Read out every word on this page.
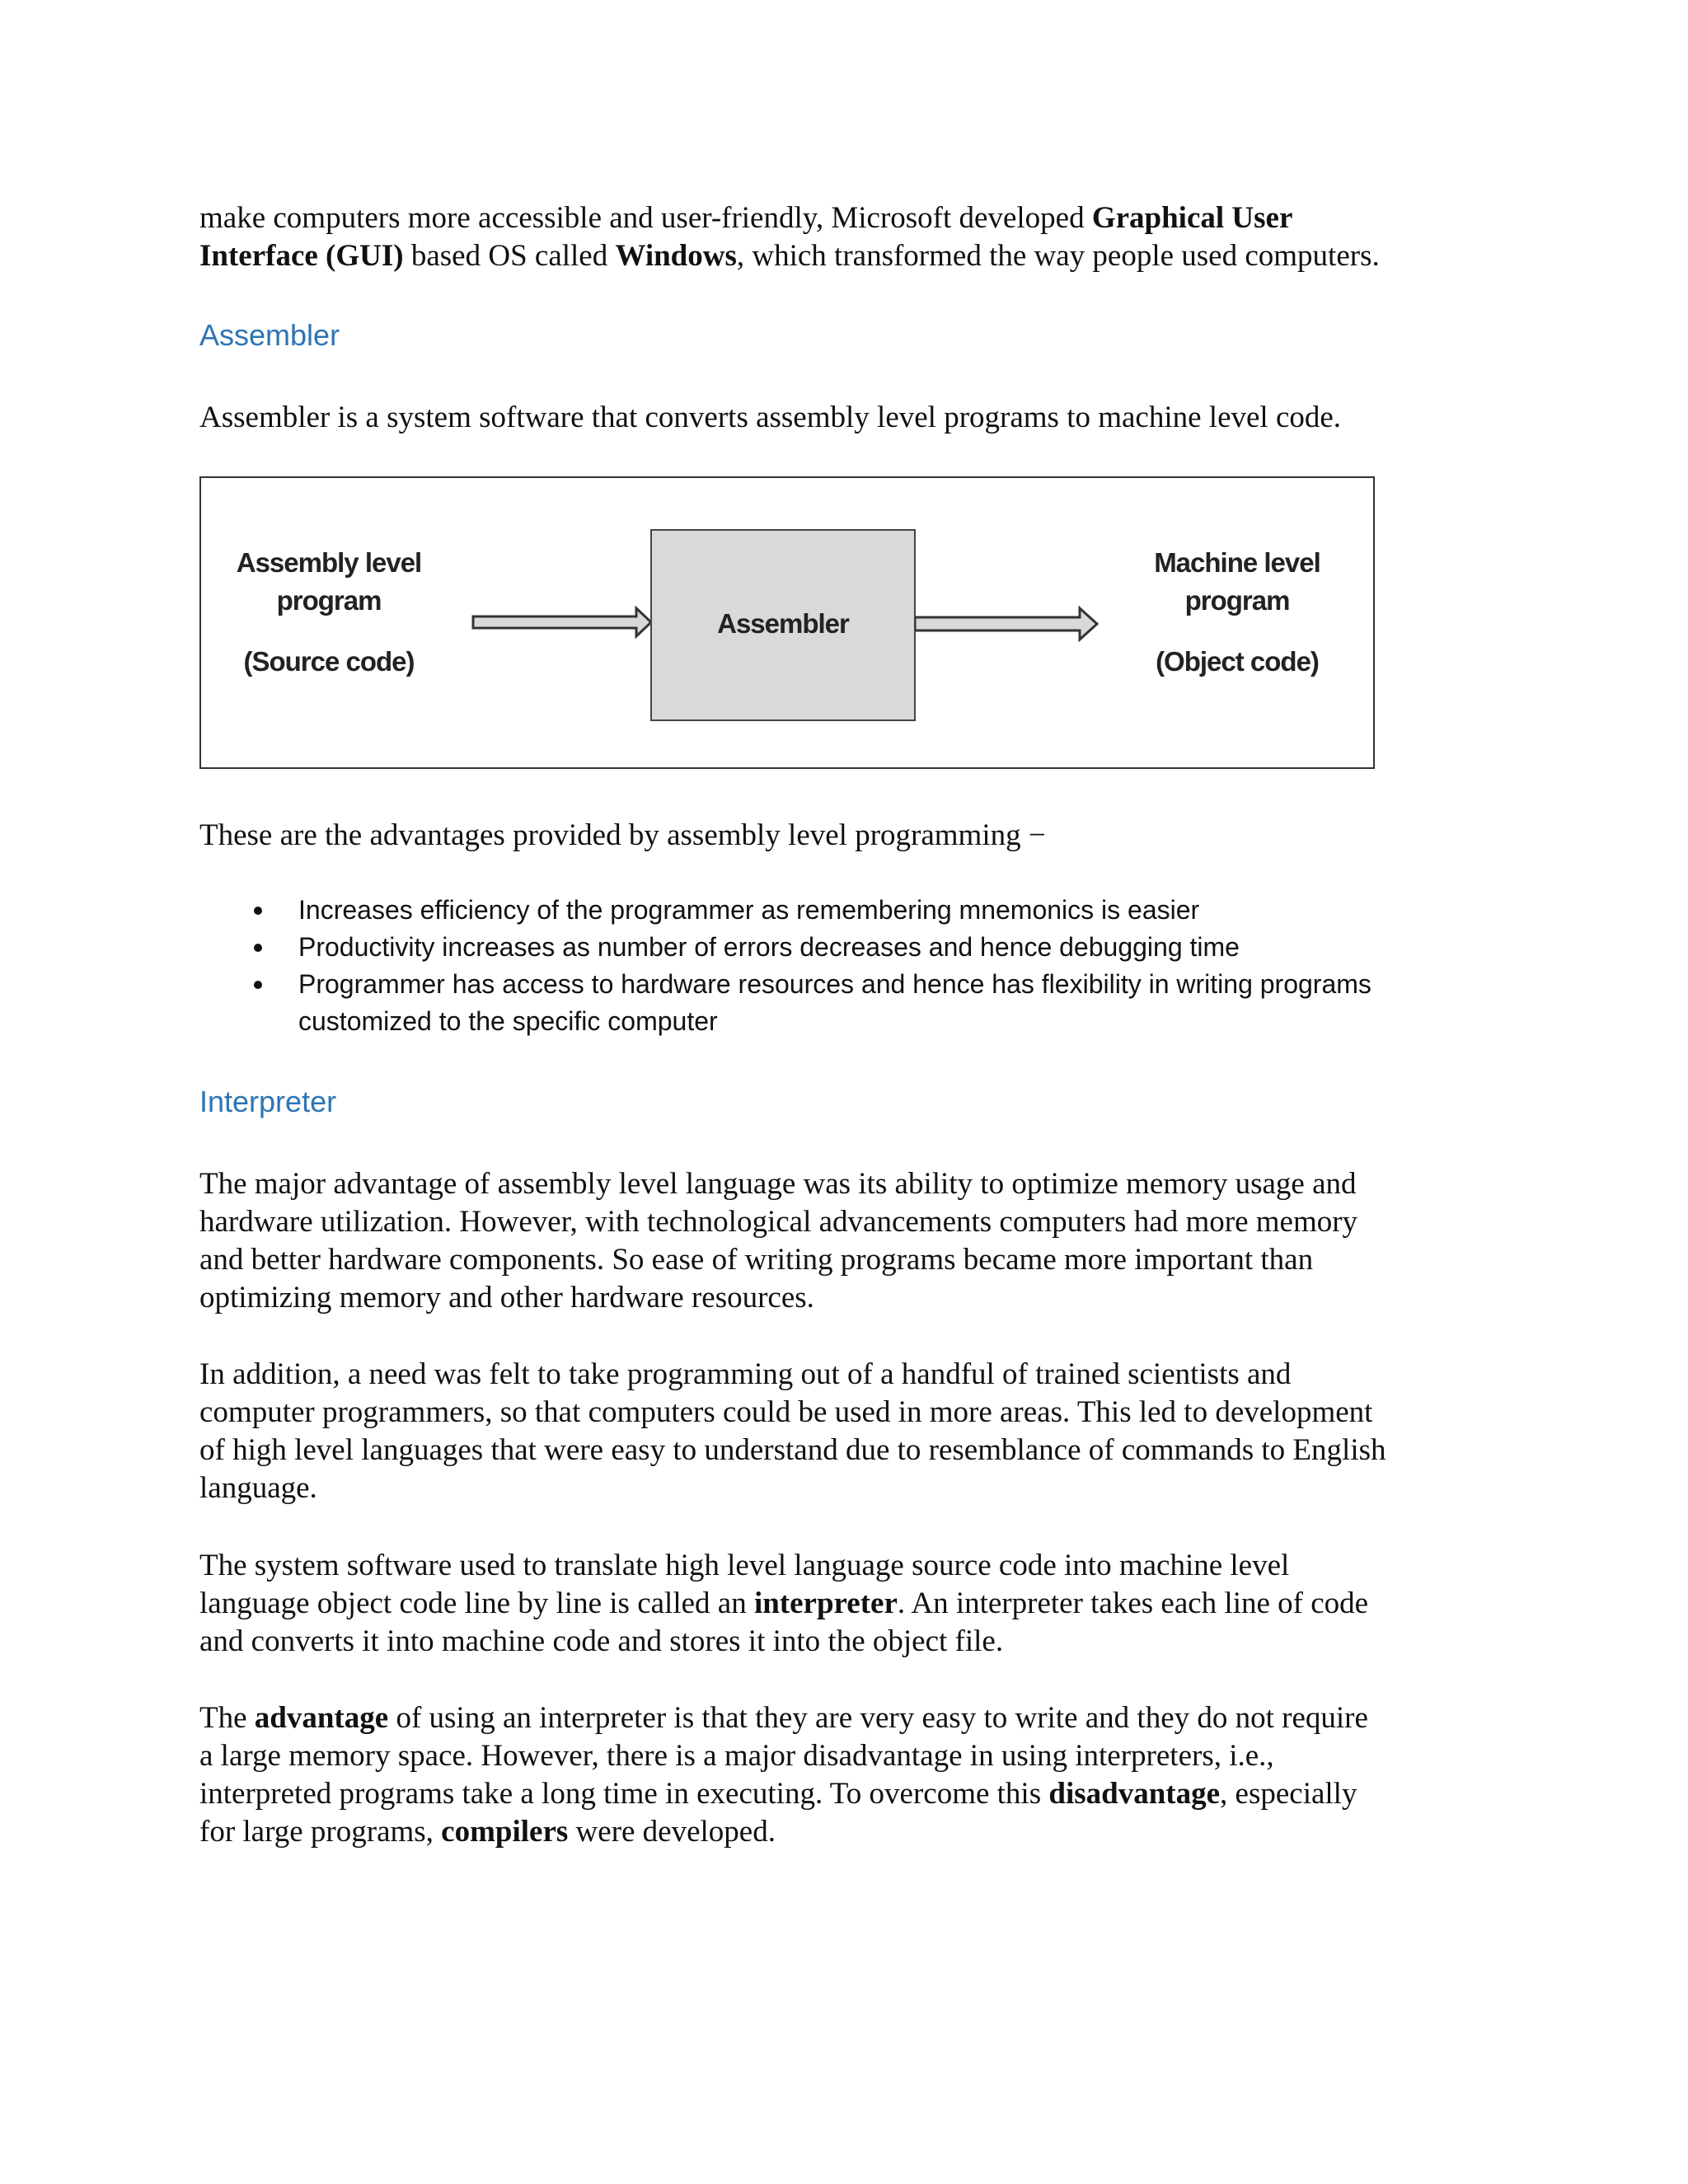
make computers more accessible and user-friendly, Microsoft developed Graphical User
Interface (GUI) based OS called Windows, which transformed the way people used computers.
Assembler
Assembler is a system software that converts assembly level programs to machine level code.
Assembly level
program
(Source code)
Assembler
Machine level
program
(Object code)
These are the advantages provided by assembly level programming −
Increases efficiency of the programmer as remembering mnemonics is easier
Productivity increases as number of errors decreases and hence debugging time
Programmer has access to hardware resources and hence has flexibility in writing programs
customized to the specific computer
Interpreter
The major advantage of assembly level language was its ability to optimize memory usage and
hardware utilization. However, with technological advancements computers had more memory
and better hardware components. So ease of writing programs became more important than
optimizing memory and other hardware resources.
In addition, a need was felt to take programming out of a handful of trained scientists and
computer programmers, so that computers could be used in more areas. This led to development
of high level languages that were easy to understand due to resemblance of commands to English
language.
The system software used to translate high level language source code into machine level
language object code line by line is called an interpreter. An interpreter takes each line of code
and converts it into machine code and stores it into the object file.
The advantage of using an interpreter is that they are very easy to write and they do not require
a large memory space. However, there is a major disadvantage in using interpreters, i.e.,
interpreted programs take a long time in executing. To overcome this disadvantage, especially
for large programs, compilers were developed.
